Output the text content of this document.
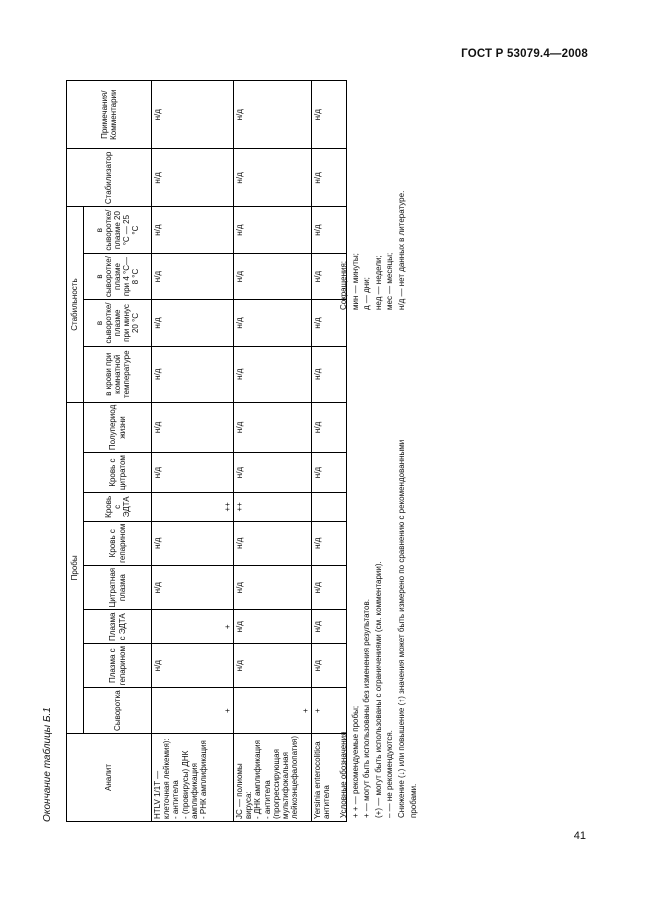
ГОСТ Р 53079.4—2008
Окончание таблицы Б.1	Аналит	Пробы								Стабильность				Стабилизатор	Примечания/Комментарии
	Сыворотка	Плазма с гепарином	Плазма с ЭДТА	Цитратная плазма	Кровь с гепарином	Кровь с ЭДТА	Кровь с цитратом	Полупериод жизни	в крови при комнатной температуре	в сыворотке/плазме при минус 20 °С	в сыворотке/плазме при 4 °С—8 °С	в сыворотке/плазме 20 °С — 25 °С		

HTLV 1/1T — клеточная лейкемия): - антитела - (провирусы) ДНК амплификация - РНК амплификация	+	н/д	+	н/д	н/д	++	н/д	н/д	н/д	н/д	н/д	н/д	н/д	н/д

JC — полиомы вируса: - ДНК амплификация - антитела (прогрессирующая мультифокальная лейкоэнцефалопатия)	+	н/д	н/д	н/д	н/д	++	н/д	н/д	н/д	н/д	н/д	н/д	н/д	н/д

Yersinia enterocolitica антитела	+	н/д	н/д	н/д	н/д		н/д	н/д	н/д	н/д	н/д	н/д	н/д	н/д
Условные обозначения + + — рекомендуемые пробы; + — могут быть использованы без изменения результатов. (+) — могут быть использованы с ограничениями (см. комментарии). – — не рекомендуются. Снижение (↓) или повышение (↑) значения может быть измерено по сравнению с рекомендованными пробами.
Сокращения: мин — минуты; д — дни; нед — недели; мес — месяцы; н/д — нет данных в литературе.
41
